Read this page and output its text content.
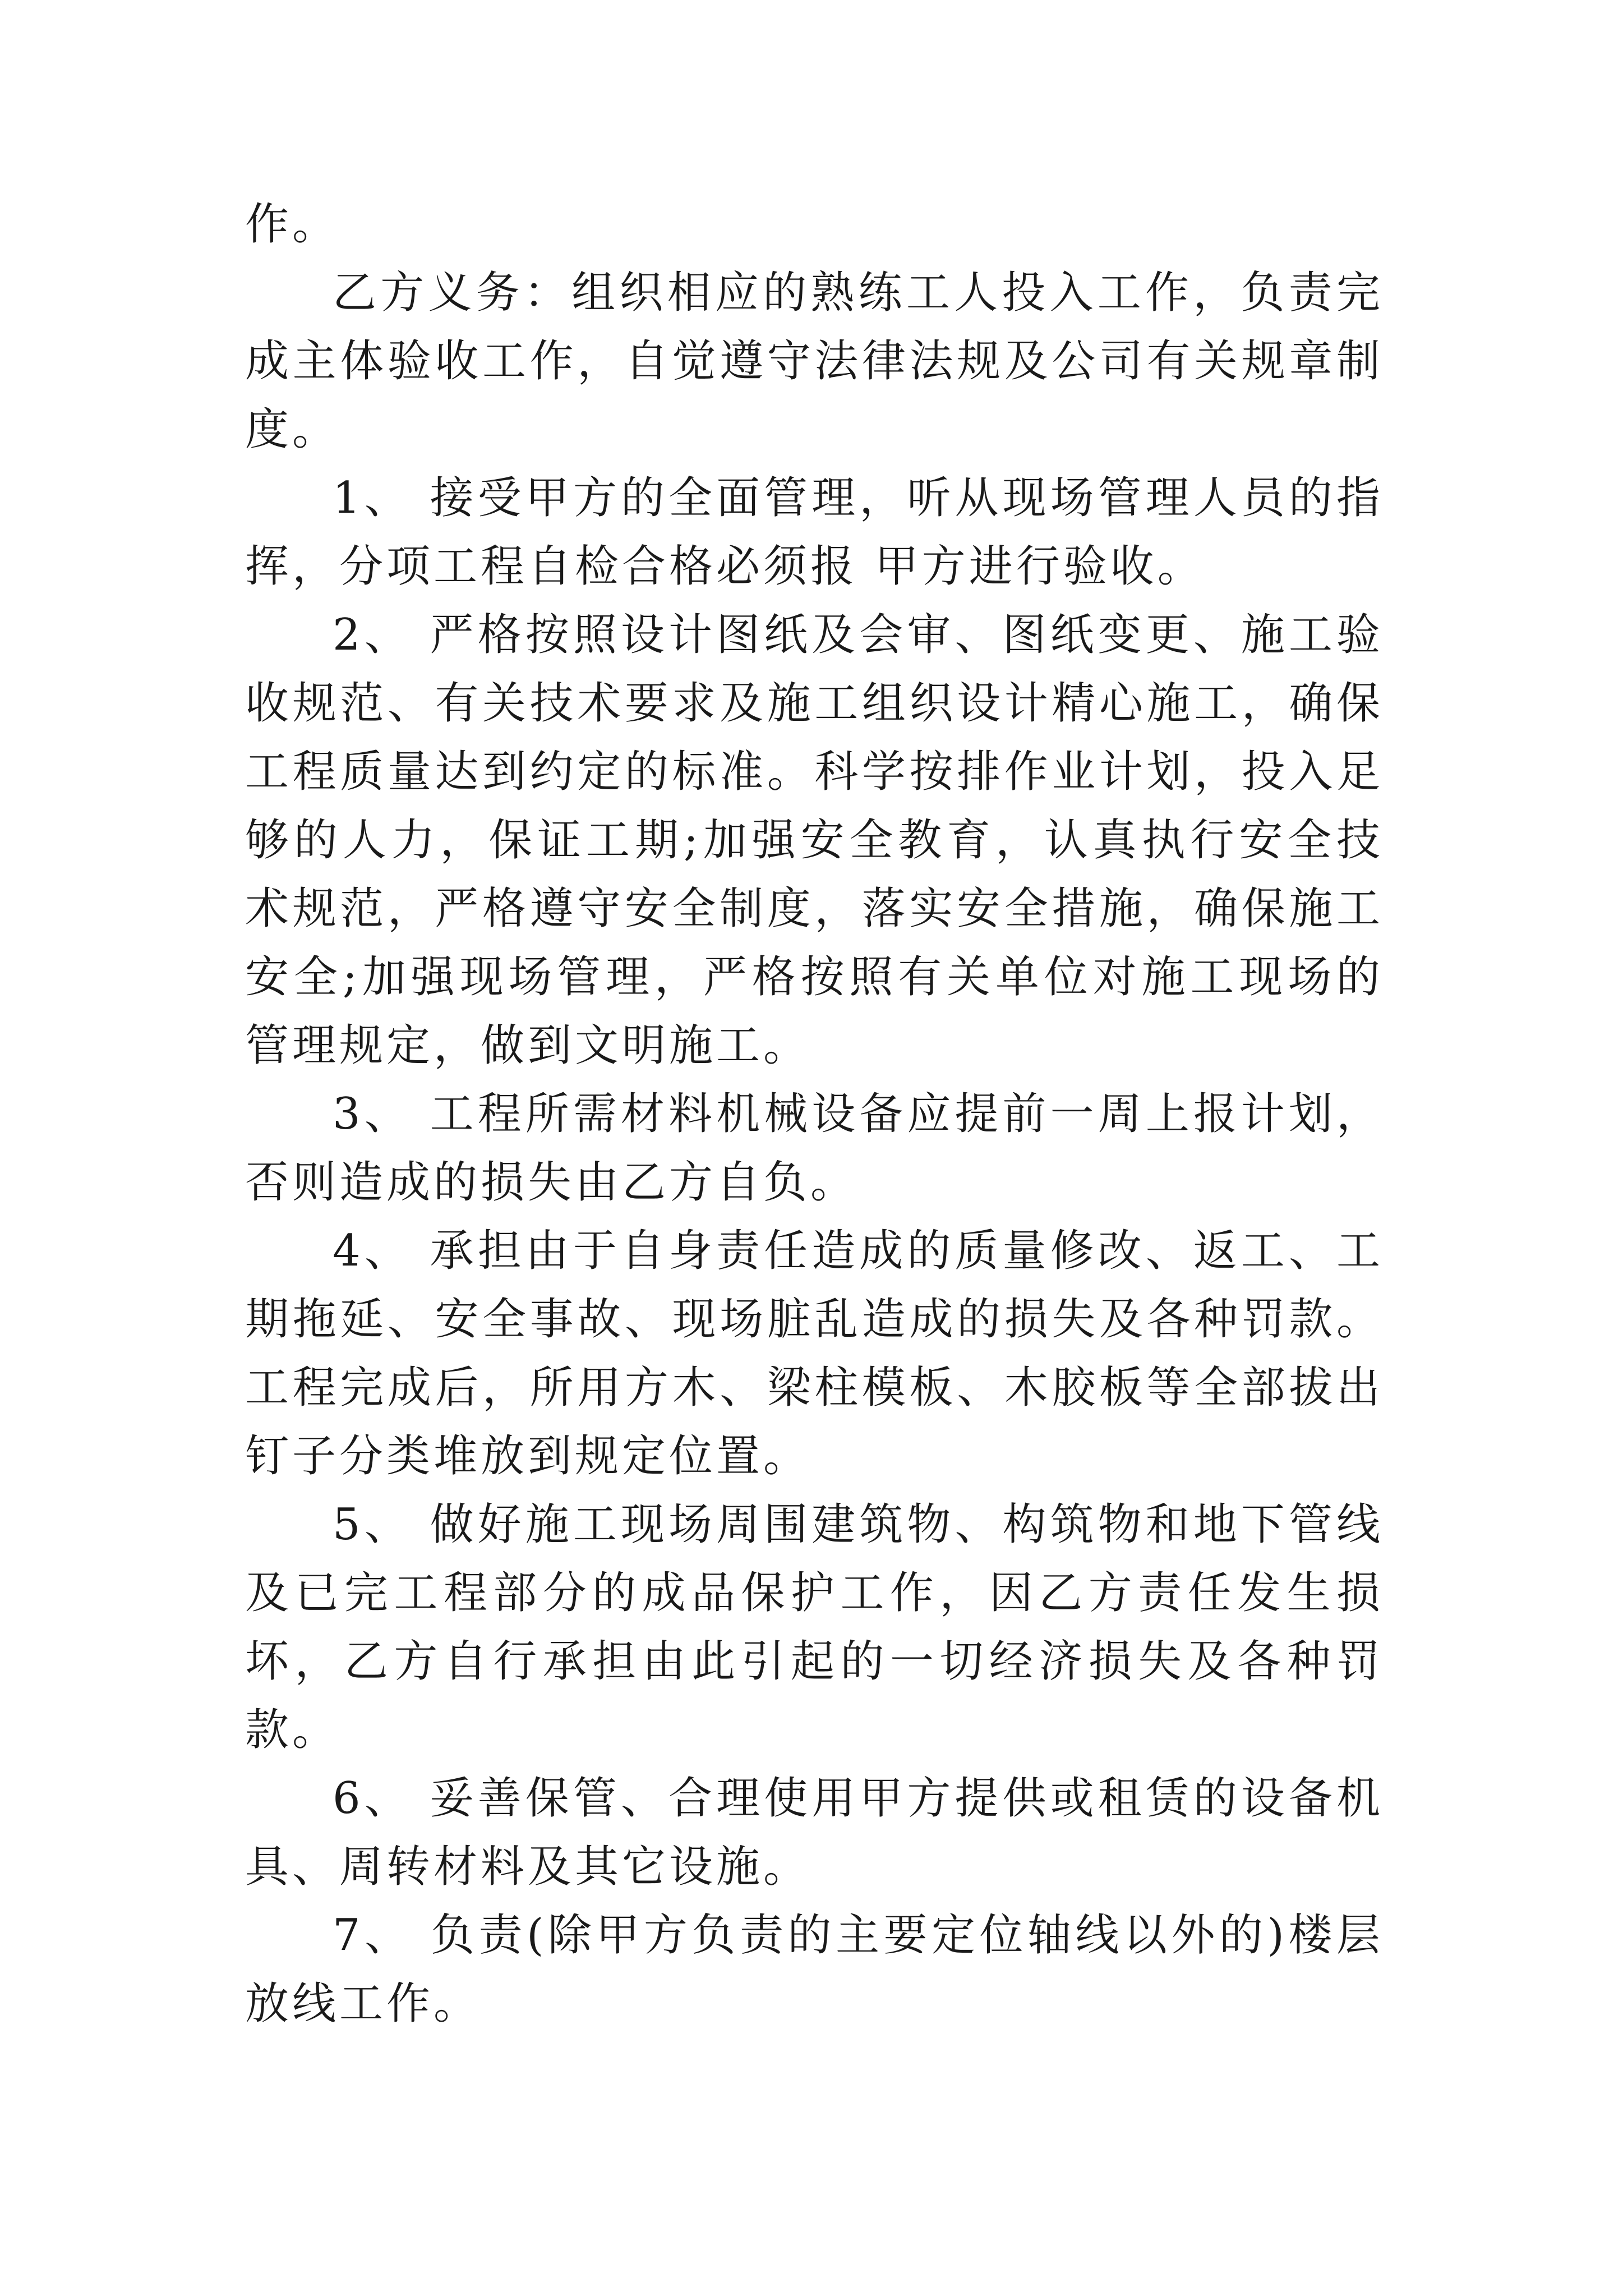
作。

乙方义务：组织相应的熟练工人投入工作，负责完成主体验收工作，自觉遵守法律法规及公司有关规章制度。

1、 接受甲方的全面管理，听从现场管理人员的指挥，分项工程自检合格必须报 甲方进行验收。

2、 严格按照设计图纸及会审、图纸变更、施工验收规范、有关技术要求及施工组织设计精心施工，确保工程质量达到约定的标准。科学按排作业计划，投入足够的人力，保证工期;加强安全教育，认真执行安全技术规范，严格遵守安全制度，落实安全措施，确保施工安全;加强现场管理，严格按照有关单位对施工现场的管理规定，做到文明施工。

3、 工程所需材料机械设备应提前一周上报计划，否则造成的损失由乙方自负。

4、 承担由于自身责任造成的质量修改、返工、工期拖延、安全事故、现场脏乱造成的损失及各种罚款。工程完成后，所用方木、梁柱模板、木胶板等全部拔出钉子分类堆放到规定位置。

5、 做好施工现场周围建筑物、构筑物和地下管线及已完工程部分的成品保护工作，因乙方责任发生损坏，乙方自行承担由此引起的一切经济损失及各种罚款。

6、 妥善保管、合理使用甲方提供或租赁的设备机具、周转材料及其它设施。

7、 负责(除甲方负责的主要定位轴线以外的)楼层放线工作。
